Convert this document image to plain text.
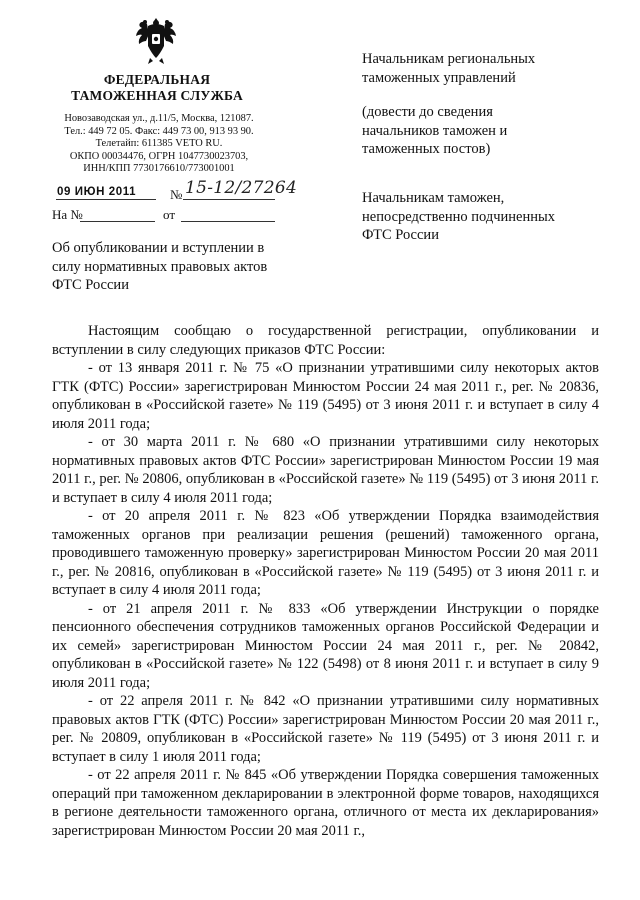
ФЕДЕРАЛЬНАЯ
ТАМОЖЕННАЯ СЛУЖБА
Новозаводская ул., д.11/5, Москва, 121087.
Тел.: 449 72 05. Факс: 449 73 00, 913 93 90.
Телетайп: 611385 VETO RU.
ОКПО 00034476, ОГРН 1047730023703,
ИНН/КПП 7730176610/773001001
09 ИЮН 2011	№ 15-12/27264
На №	от
Об опубликовании и вступлении в
силу нормативных правовых актов
ФТС России
Начальникам региональных
таможенных управлений
(довести до сведения
начальников таможен и
таможенных постов)
Начальникам таможен,
непосредственно подчиненных
ФТС России

Настоящим сообщаю о государственной регистрации, опубликовании и вступлении в силу следующих приказов ФТС России:

- от 13 января 2011 г. № 75 «О признании утратившими силу некоторых актов ГТК (ФТС) России» зарегистрирован Минюстом России 24 мая 2011 г., рег. № 20836, опубликован в «Российской газете» № 119 (5495) от 3 июня 2011 г. и вступает в силу 4 июля 2011 года;

- от 30 марта 2011 г. № 680 «О признании утратившими силу некоторых нормативных правовых актов ФТС России» зарегистрирован Минюстом России 19 мая 2011 г., рег. № 20806, опубликован в «Российской газете» № 119 (5495) от 3 июня 2011 г. и вступает в силу 4 июля 2011 года;

- от 20 апреля 2011 г. № 823 «Об утверждении Порядка взаимодействия таможенных органов при реализации решения (решений) таможенного органа, проводившего таможенную проверку» зарегистрирован Минюстом России 20 мая 2011 г., рег. № 20816, опубликован в «Российской газете» № 119 (5495) от 3 июня 2011 г. и вступает в силу 4 июля 2011 года;

- от 21 апреля 2011 г. № 833 «Об утверждении Инструкции о порядке пенсионного обеспечения сотрудников таможенных органов Российской Федерации и их семей» зарегистрирован Минюстом России 24 мая 2011 г., рег. № 20842, опубликован в «Российской газете» № 122 (5498) от 8 июня 2011 г. и вступает в силу 9 июля 2011 года;

- от 22 апреля 2011 г. № 842 «О признании утратившими силу нормативных правовых актов ГТК (ФТС) России» зарегистрирован Минюстом России 20 мая 2011 г., рег. № 20809, опубликован в «Российской газете» № 119 (5495) от 3 июня 2011 г. и вступает в силу 1 июля 2011 года;

- от 22 апреля 2011 г. № 845 «Об утверждении Порядка совершения таможенных операций при таможенном декларировании в электронной форме товаров, находящихся в регионе деятельности таможенного органа, отличного от места их декларирования» зарегистрирован Минюстом России 20 мая 2011 г.,
